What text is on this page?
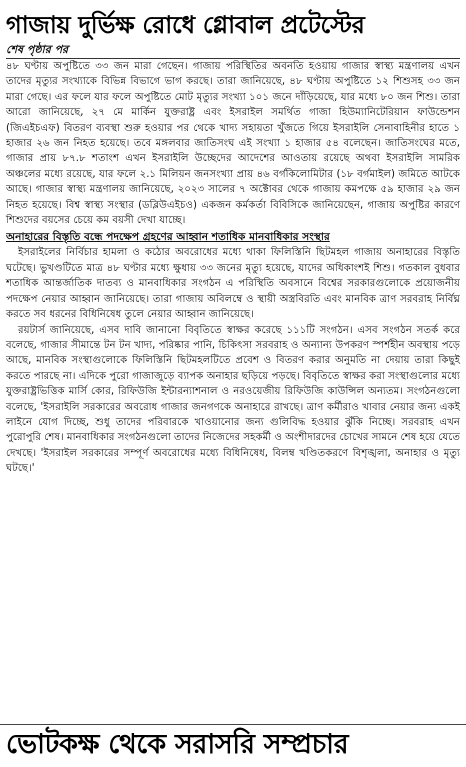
গাজায় দুর্ভিক্ষ রোধে গ্লোবাল প্রটেস্টের
শেষ পৃষ্ঠার পর

৪৮ ঘণ্টায় অপুষ্টিতে ৩৩ জন মারা গেছেন। গাজায় পরিস্থিতির অবনতি হওয়ায় গাজার স্বাস্থ্য মন্ত্রণালয় এখন তাদের মৃত্যুর সংখ্যাকে বিভিন্ন বিভাগে ভাগ করছে। তারা জানিয়েছে, ৪৮ ঘণ্টায় অপুষ্টিতে ১২ শিশুসহ ৩৩ জন মারা গেছে। এর ফলে যার ফলে অপুষ্টিতে মোট মৃত্যুর সংখ্যা ১০১ জনে দাঁড়িয়েছে, যার মধ্যে ৮০ জন শিশু। তারা আরো জানিয়েছে, ২৭ মে মার্কিন যুক্তরাষ্ট্র এবং ইসরাইল সমর্থিত গাজা হিউম্যানিটেরিয়ান ফাউন্ডেশন (জিএইচএফ) বিতরণ ব্যবস্থা শুরু হওয়ার পর থেকে খাদ্য সহায়তা খুঁজতে গিয়ে ইসরাইলি সেনাবাহিনীর হাতে ১ হাজার ২৬ জন নিহত হয়েছে। তবে মঙ্গলবার জাতিসংঘ এই সংখ্যা ১ হাজার ৫৪ বলেছেন। জাতিসংঘের মতে, গাজার প্রায় ৮৭.৮ শতাংশ এখন ইসরাইলি উচ্ছেদের আদেশের আওতায় রয়েছে অথবা ইসরাইলি সামরিক অঞ্চলের মধ্যে রয়েছে, যার ফলে ২.১ মিলিয়ন জনসংখ্যা প্রায় ৪৬ বর্গকিলোমিটার (১৮ বর্গমাইল) জমিতে আটকে আছে। গাজার স্বাস্থ্য মন্ত্রণালয় জানিয়েছে, ২০২৩ সালের ৭ অক্টোবর থেকে গাজায় কমপক্ষে ৫৯ হাজার ২৯ জন নিহত হয়েছে। বিশ্ব স্বাস্থ্য সংস্থার (ডব্লিউএইচও) একজন কর্মকর্তা বিবিসিকে জানিয়েছেন, গাজায় অপুষ্টির কারণে শিশুদের বয়সের চেয়ে কম বয়সী দেখা যাচ্ছে।

অনাহারের বিস্তৃতি বন্ধে পদক্ষেপ গ্রহণের আহ্বান শতাধিক মানবাধিকার সংস্থার

ইসরাইলের নির্বিচার হামলা ও কঠোর অবরোধের মধ্যে থাকা ফিলিস্তিনি ছিটমহল গাজায় অনাহারের বিস্তৃতি ঘটেছে। ভুখণ্ডটিতে মাত্র ৪৮ ঘণ্টার মধ্যে ক্ষুধায় ৩৩ জনের মৃত্যু হয়েছে, যাদের অধিকাংশই শিশু। গতকাল বুধবার শতাধিক আন্তর্জাতিক দাতব্য ও মানবাধিকার সংগঠন এ পরিস্থিতি অবসানে বিশ্বের সরকারগুলোকে প্রয়োজনীয় পদক্ষেপ নেয়ার আহ্বান জানিয়েছে। তারা গাজায় অবিলম্বে ও স্থায়ী অস্ত্রবিরতি এবং মানবিক ত্রাণ সরবরাহ নির্বিঘ্ন করতে সব ধরনের বিধিনিষেধ তুলে নেয়ার আহ্বান জানিয়েছে।

রয়টার্স জানিয়েছে, এসব দাবি জানানো বিবৃতিতে স্বাক্ষর করেছে ১১১টি সংগঠন। এসব সংগঠন সতর্ক করে বলেছে, গাজার সীমান্তে টন টন খাদ্য, পরিষ্কার পানি, চিকিৎসা সরবরাহ ও অন্যান্য উপকরণ স্পর্শহীন অবস্থায় পড়ে আছে, মানবিক সংস্থাগুলোকে ফিলিস্তিনি ছিটমহলটিতে প্রবেশ ও বিতরণ করার অনুমতি না দেয়ায় তারা কিছুই করতে পারছে না। এদিকে পুরো গাজাজুড়ে ব্যাপক অনাহার ছড়িয়ে পড়ছে। বিবৃতিতে স্বাক্ষর করা সংস্থাগুলোর মধ্যে যুক্তরাষ্ট্রভিত্তিক মার্সি কোর, রিফিউজি ইন্টারন্যাশনাল ও নরওয়েজীয় রিফিউজি কাউন্সিল অন্যতম। সংগঠনগুলো বলেছে, 'ইসরাইলি সরকারের অবরোধ গাজার জনগণকে অনাহারে রাখছে। ত্রাণ কর্মীরাও খাবার নেয়ার জন্য একই লাইনে যোগ দিচ্ছে, শুধু তাদের পরিবারকে খাওয়ানোর জন্য গুলিবিদ্ধ হওয়ার ঝুঁকি নিচ্ছে। সরবরাহ এখন পুরোপুরি শেষ। মানবাধিকার সংগঠনগুলো তাদের নিজেদের সহকর্মী ও অংশীদারদের চোখের সামনে শেষ হয়ে যেতে দেখছে। 'ইসরাইল সরকারের সম্পূর্ণ অবরোধের মধ্যে বিধিনিষেধ, বিলম্ব খণ্ডিতকরণে বিশৃঙ্খলা, অনাহার ও মৃত্যু ঘটছে।'

ভোটকক্ষ থেকে সরাসরি সম্প্রচার
